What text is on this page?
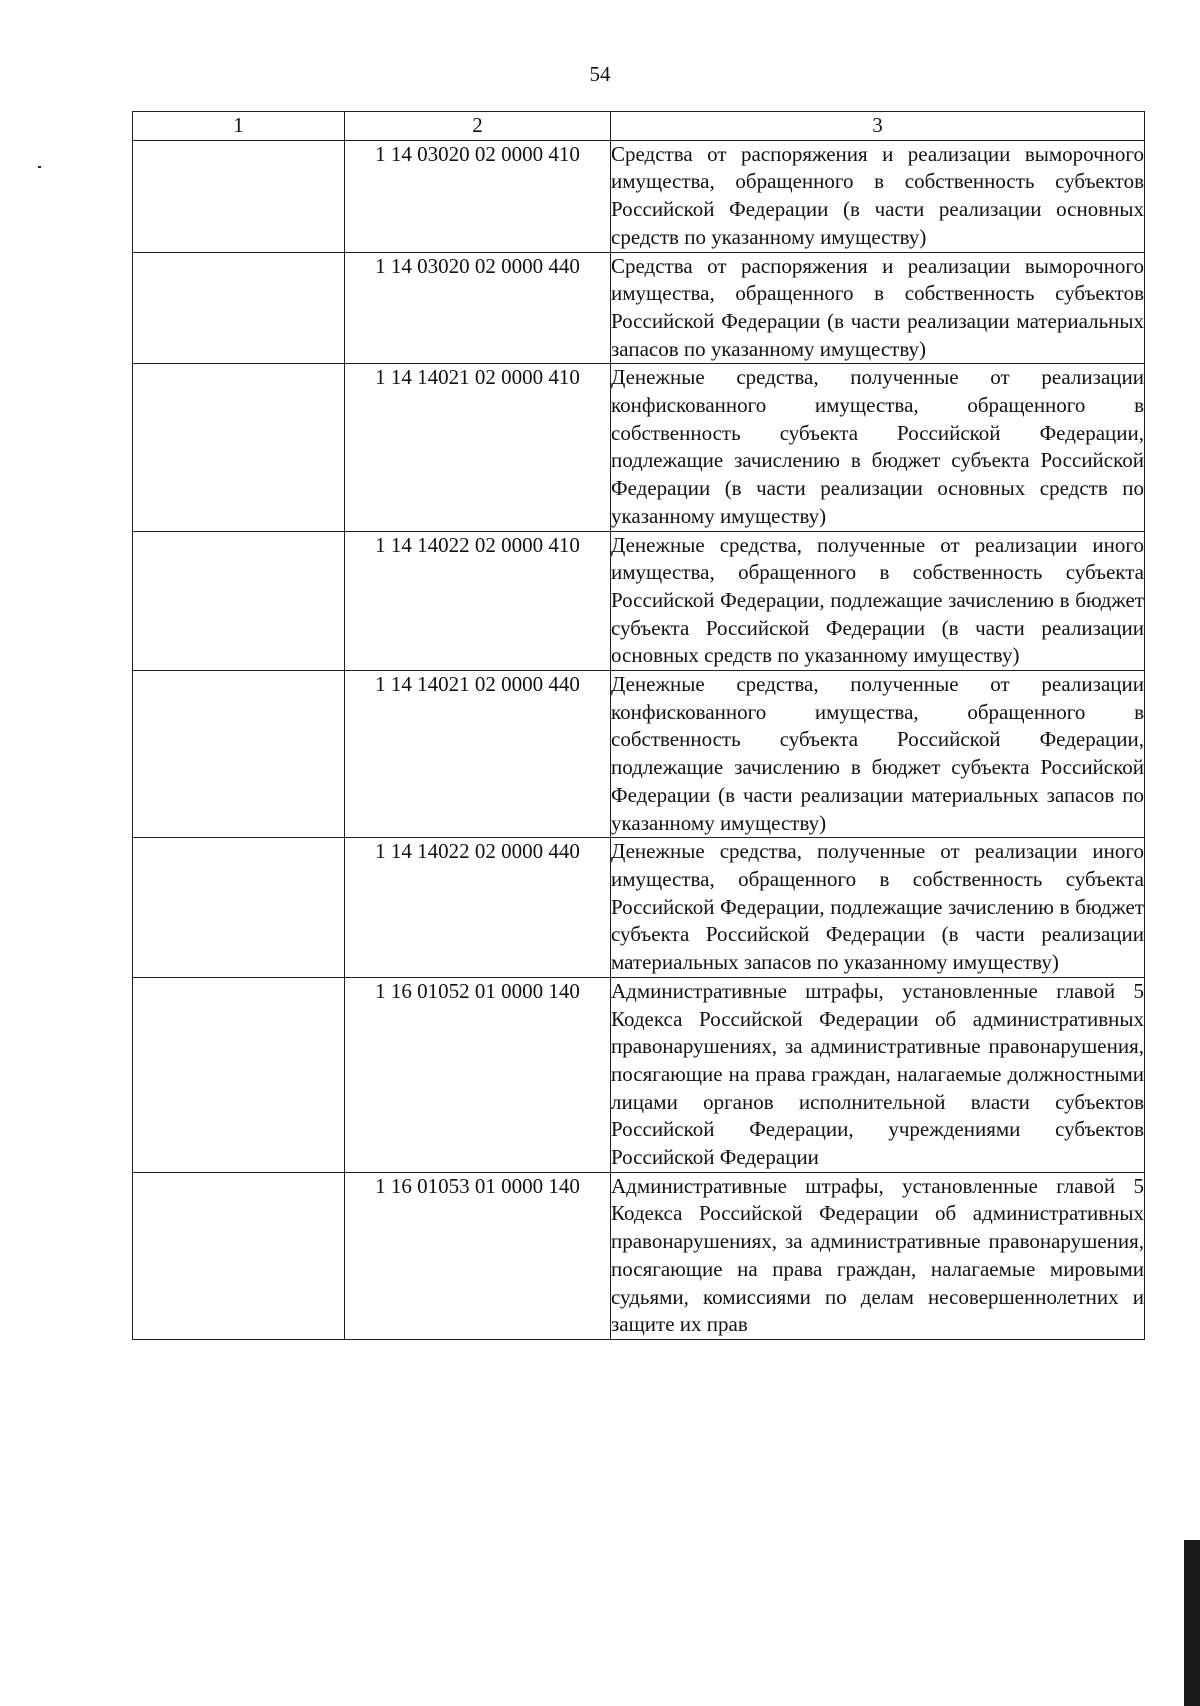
54
1	2	3
	1 14 03020 02 0000 410	Средства от распоряжения и реализации выморочного имущества, обращенного в собственность субъектов Российской Федерации (в части реализации основных средств по указанному имуществу)
	1 14 03020 02 0000 440	Средства от распоряжения и реализации выморочного имущества, обращенного в собственность субъектов Российской Федерации (в части реализации материальных запасов по указанному имуществу)
	1 14 14021 02 0000 410	Денежные средства, полученные от реализации конфискованного имущества, обращенного в собственность субъекта Российской Федерации, подлежащие зачислению в бюджет субъекта Российской Федерации (в части реализации основных средств по указанному имуществу)
	1 14 14022 02 0000 410	Денежные средства, полученные от реализации иного имущества, обращенного в собственность субъекта Российской Федерации, подлежащие зачислению в бюджет субъекта Российской Федерации (в части реализации основных средств по указанному имуществу)
	1 14 14021 02 0000 440	Денежные средства, полученные от реализации конфискованного имущества, обращенного в собственность субъекта Российской Федерации, подлежащие зачислению в бюджет субъекта Российской Федерации (в части реализации материальных запасов по указанному имуществу)
	1 14 14022 02 0000 440	Денежные средства, полученные от реализации иного имущества, обращенного в собственность субъекта Российской Федерации, подлежащие зачислению в бюджет субъекта Российской Федерации (в части реализации материальных запасов по указанному имуществу)
	1 16 01052 01 0000 140	Административные штрафы, установленные главой 5 Кодекса Российской Федерации об административных правонарушениях, за административные правонарушения, посягающие на права граждан, налагаемые должностными лицами органов исполнительной власти субъектов Российской Федерации, учреждениями субъектов Российской Федерации
	1 16 01053 01 0000 140	Административные штрафы, установленные главой 5 Кодекса Российской Федерации об административных правонарушениях, за административные правонарушения, посягающие на права граждан, налагаемые мировыми судьями, комиссиями по делам несовершеннолетних и защите их прав
